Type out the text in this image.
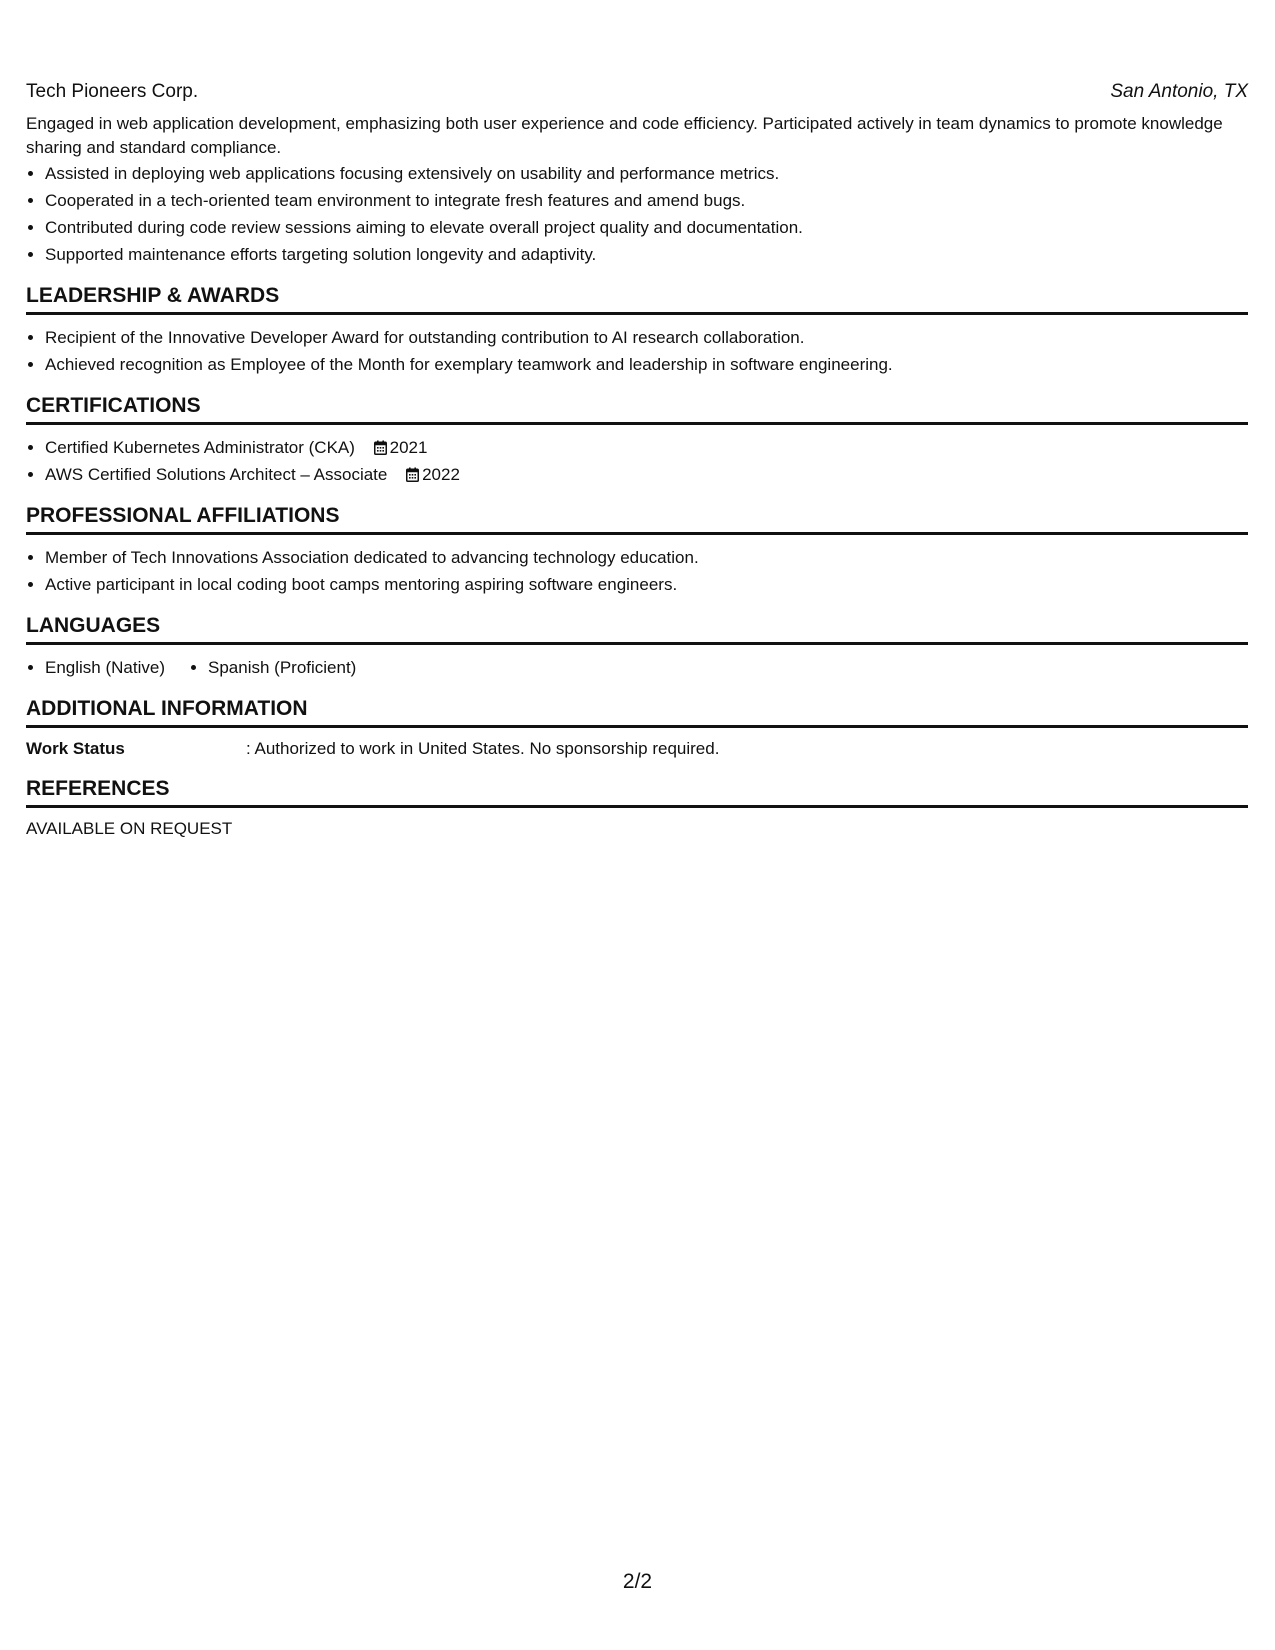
Tech Pioneers Corp.	San Antonio, TX

Engaged in web application development, emphasizing both user experience and code efficiency. Participated actively in team dynamics to promote knowledge sharing and standard compliance.

Assisted in deploying web applications focusing extensively on usability and performance metrics.
Cooperated in a tech-oriented team environment to integrate fresh features and amend bugs.
Contributed during code review sessions aiming to elevate overall project quality and documentation.
Supported maintenance efforts targeting solution longevity and adaptivity.
LEADERSHIP & AWARDS
Recipient of the Innovative Developer Award for outstanding contribution to AI research collaboration.
Achieved recognition as Employee of the Month for exemplary teamwork and leadership in software engineering.
CERTIFICATIONS
Certified Kubernetes Administrator (CKA) 2021
AWS Certified Solutions Architect – Associate 2022
PROFESSIONAL AFFILIATIONS
Member of Tech Innovations Association dedicated to advancing technology education.
Active participant in local coding boot camps mentoring aspiring software engineers.
LANGUAGES
English (Native)	Spanish (Proficient)
ADDITIONAL INFORMATION
Work Status	: Authorized to work in United States. No sponsorship required.
REFERENCES
AVAILABLE ON REQUEST
2/2
